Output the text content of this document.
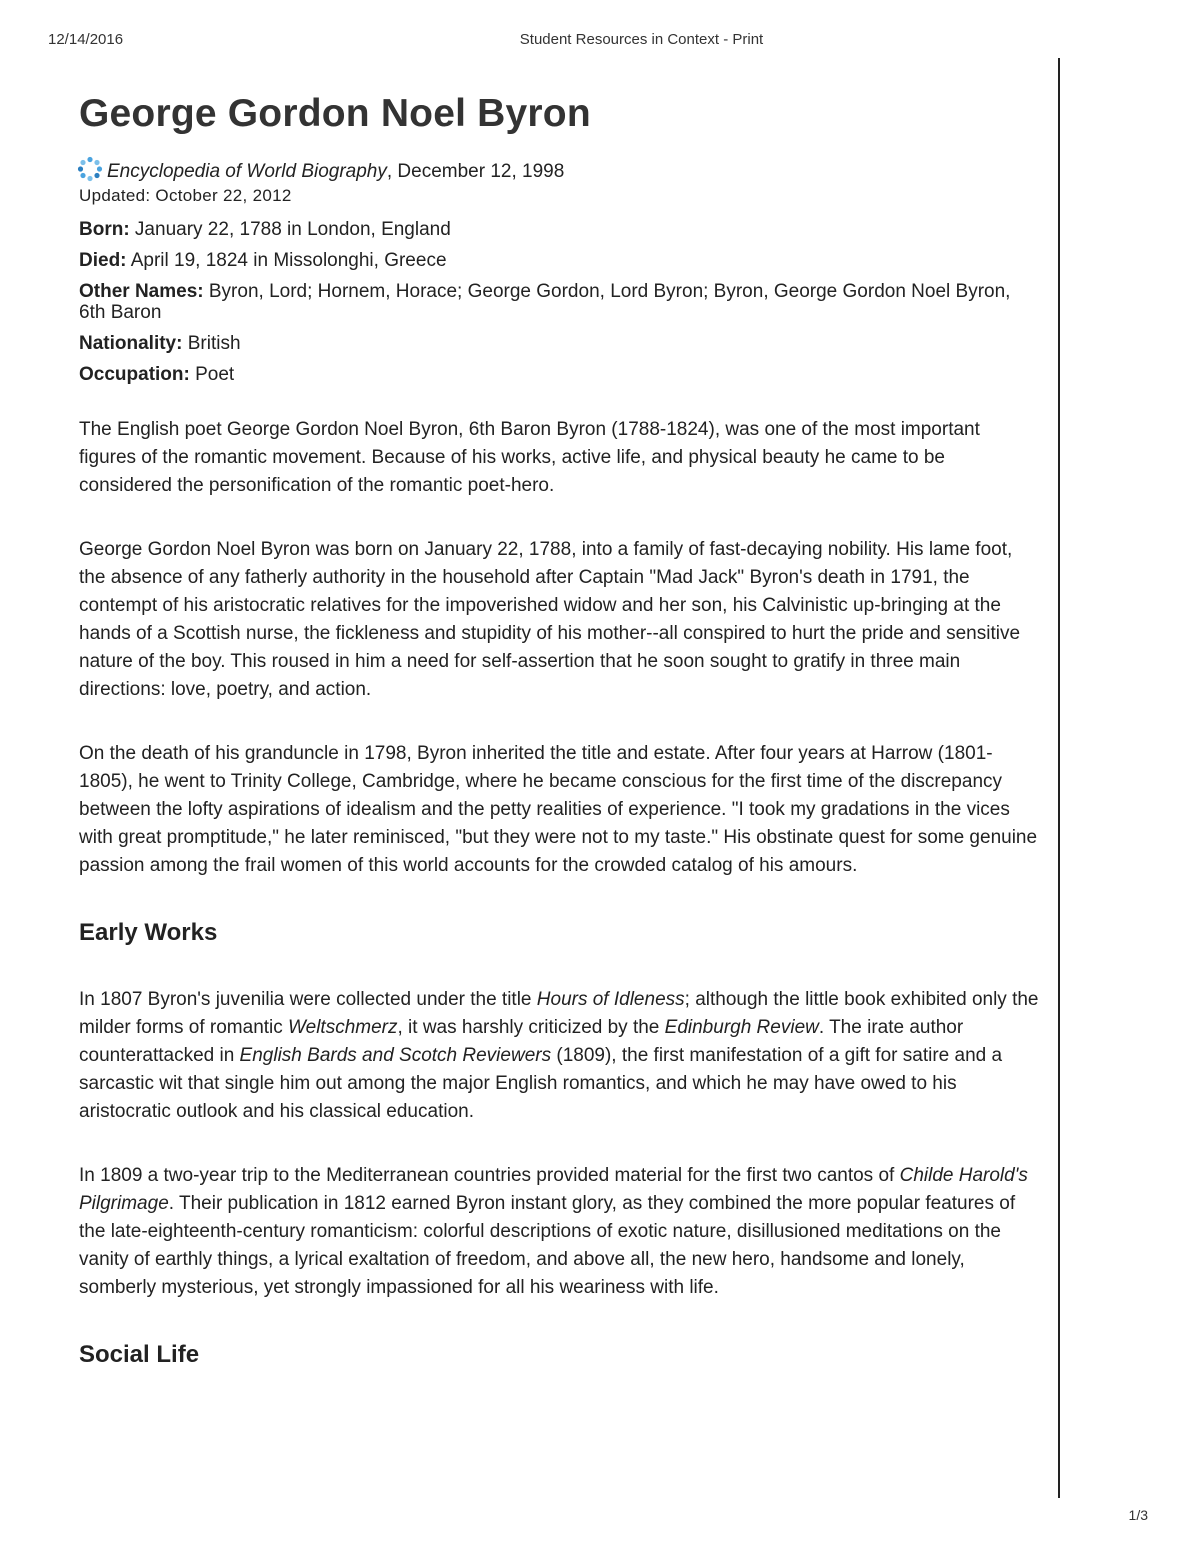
12/14/2016	Student Resources in Context - Print
George Gordon Noel Byron
Encyclopedia of World Biography, December 12, 1998
Updated: October 22, 2012
Born: January 22, 1788 in London, England
Died: April 19, 1824 in Missolonghi, Greece
Other Names: Byron, Lord; Hornem, Horace; George Gordon, Lord Byron; Byron, George Gordon Noel Byron, 6th Baron
Nationality: British
Occupation: Poet

The English poet George Gordon Noel Byron, 6th Baron Byron (1788-1824), was one of the most important figures of the romantic movement. Because of his works, active life, and physical beauty he came to be considered the personification of the romantic poet-hero.

George Gordon Noel Byron was born on January 22, 1788, into a family of fast-decaying nobility. His lame foot, the absence of any fatherly authority in the household after Captain "Mad Jack" Byron's death in 1791, the contempt of his aristocratic relatives for the impoverished widow and her son, his Calvinistic up-bringing at the hands of a Scottish nurse, the fickleness and stupidity of his mother--all conspired to hurt the pride and sensitive nature of the boy. This roused in him a need for self-assertion that he soon sought to gratify in three main directions: love, poetry, and action.

On the death of his granduncle in 1798, Byron inherited the title and estate. After four years at Harrow (1801-1805), he went to Trinity College, Cambridge, where he became conscious for the first time of the discrepancy between the lofty aspirations of idealism and the petty realities of experience. "I took my gradations in the vices with great promptitude," he later reminisced, "but they were not to my taste." His obstinate quest for some genuine passion among the frail women of this world accounts for the crowded catalog of his amours.

Early Works

In 1807 Byron's juvenilia were collected under the title Hours of Idleness; although the little book exhibited only the milder forms of romantic Weltschmerz, it was harshly criticized by the Edinburgh Review. The irate author counterattacked in English Bards and Scotch Reviewers (1809), the first manifestation of a gift for satire and a sarcastic wit that single him out among the major English romantics, and which he may have owed to his aristocratic outlook and his classical education.

In 1809 a two-year trip to the Mediterranean countries provided material for the first two cantos of Childe Harold's Pilgrimage. Their publication in 1812 earned Byron instant glory, as they combined the more popular features of the late-eighteenth-century romanticism: colorful descriptions of exotic nature, disillusioned meditations on the vanity of earthly things, a lyrical exaltation of freedom, and above all, the new hero, handsome and lonely, somberly mysterious, yet strongly impassioned for all his weariness with life.

Social Life
1/3
